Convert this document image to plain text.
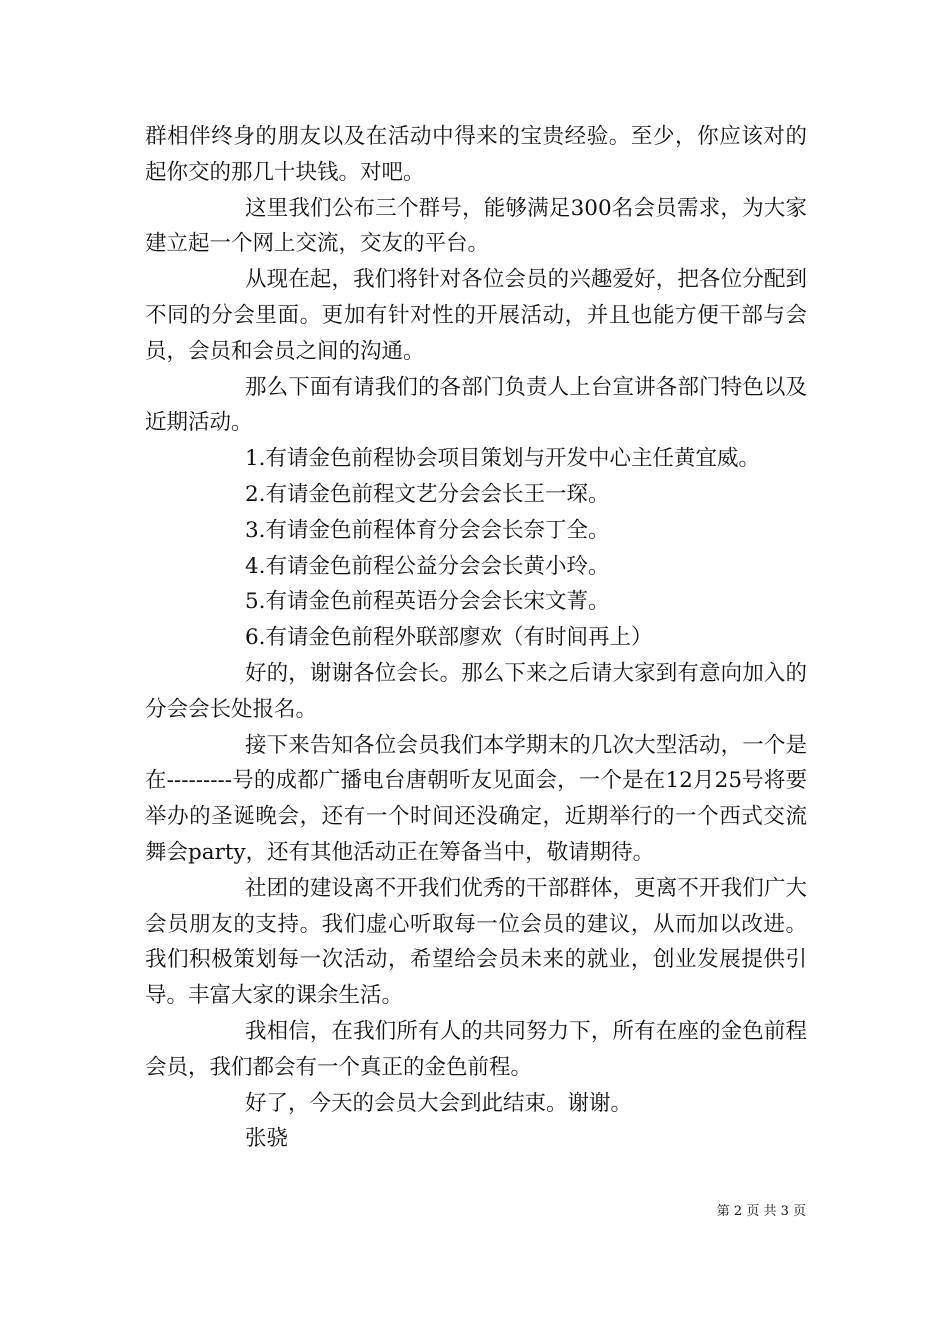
群相伴终身的朋友以及在活动中得来的宝贵经验。至少，你应该对的起你交的那几十块钱。对吧。

这里我们公布三个群号，能够满足300名会员需求，为大家建立起一个网上交流，交友的平台。

从现在起，我们将针对各位会员的兴趣爱好，把各位分配到不同的分会里面。更加有针对性的开展活动，并且也能方便干部与会员，会员和会员之间的沟通。

那么下面有请我们的各部门负责人上台宣讲各部门特色以及近期活动。

1.有请金色前程协会项目策划与开发中心主任黄宜威。

2.有请金色前程文艺分会会长王一琛。

3.有请金色前程体育分会会长奈丁全。

4.有请金色前程公益分会会长黄小玲。

5.有请金色前程英语分会会长宋文菁。

6.有请金色前程外联部廖欢（有时间再上）

好的，谢谢各位会长。那么下来之后请大家到有意向加入的分会会长处报名。

接下来告知各位会员我们本学期末的几次大型活动，一个是在---------号的成都广播电台唐朝听友见面会，一个是在12月25号将要举办的圣诞晚会，还有一个时间还没确定，近期举行的一个西式交流舞会party，还有其他活动正在筹备当中，敬请期待。

社团的建设离不开我们优秀的干部群体，更离不开我们广大会员朋友的支持。我们虚心听取每一位会员的建议，从而加以改进。我们积极策划每一次活动，希望给会员未来的就业，创业发展提供引导。丰富大家的课余生活。

我相信，在我们所有人的共同努力下，所有在座的金色前程会员，我们都会有一个真正的金色前程。

好了，今天的会员大会到此结束。谢谢。

张骁

第 2 页 共 3 页
